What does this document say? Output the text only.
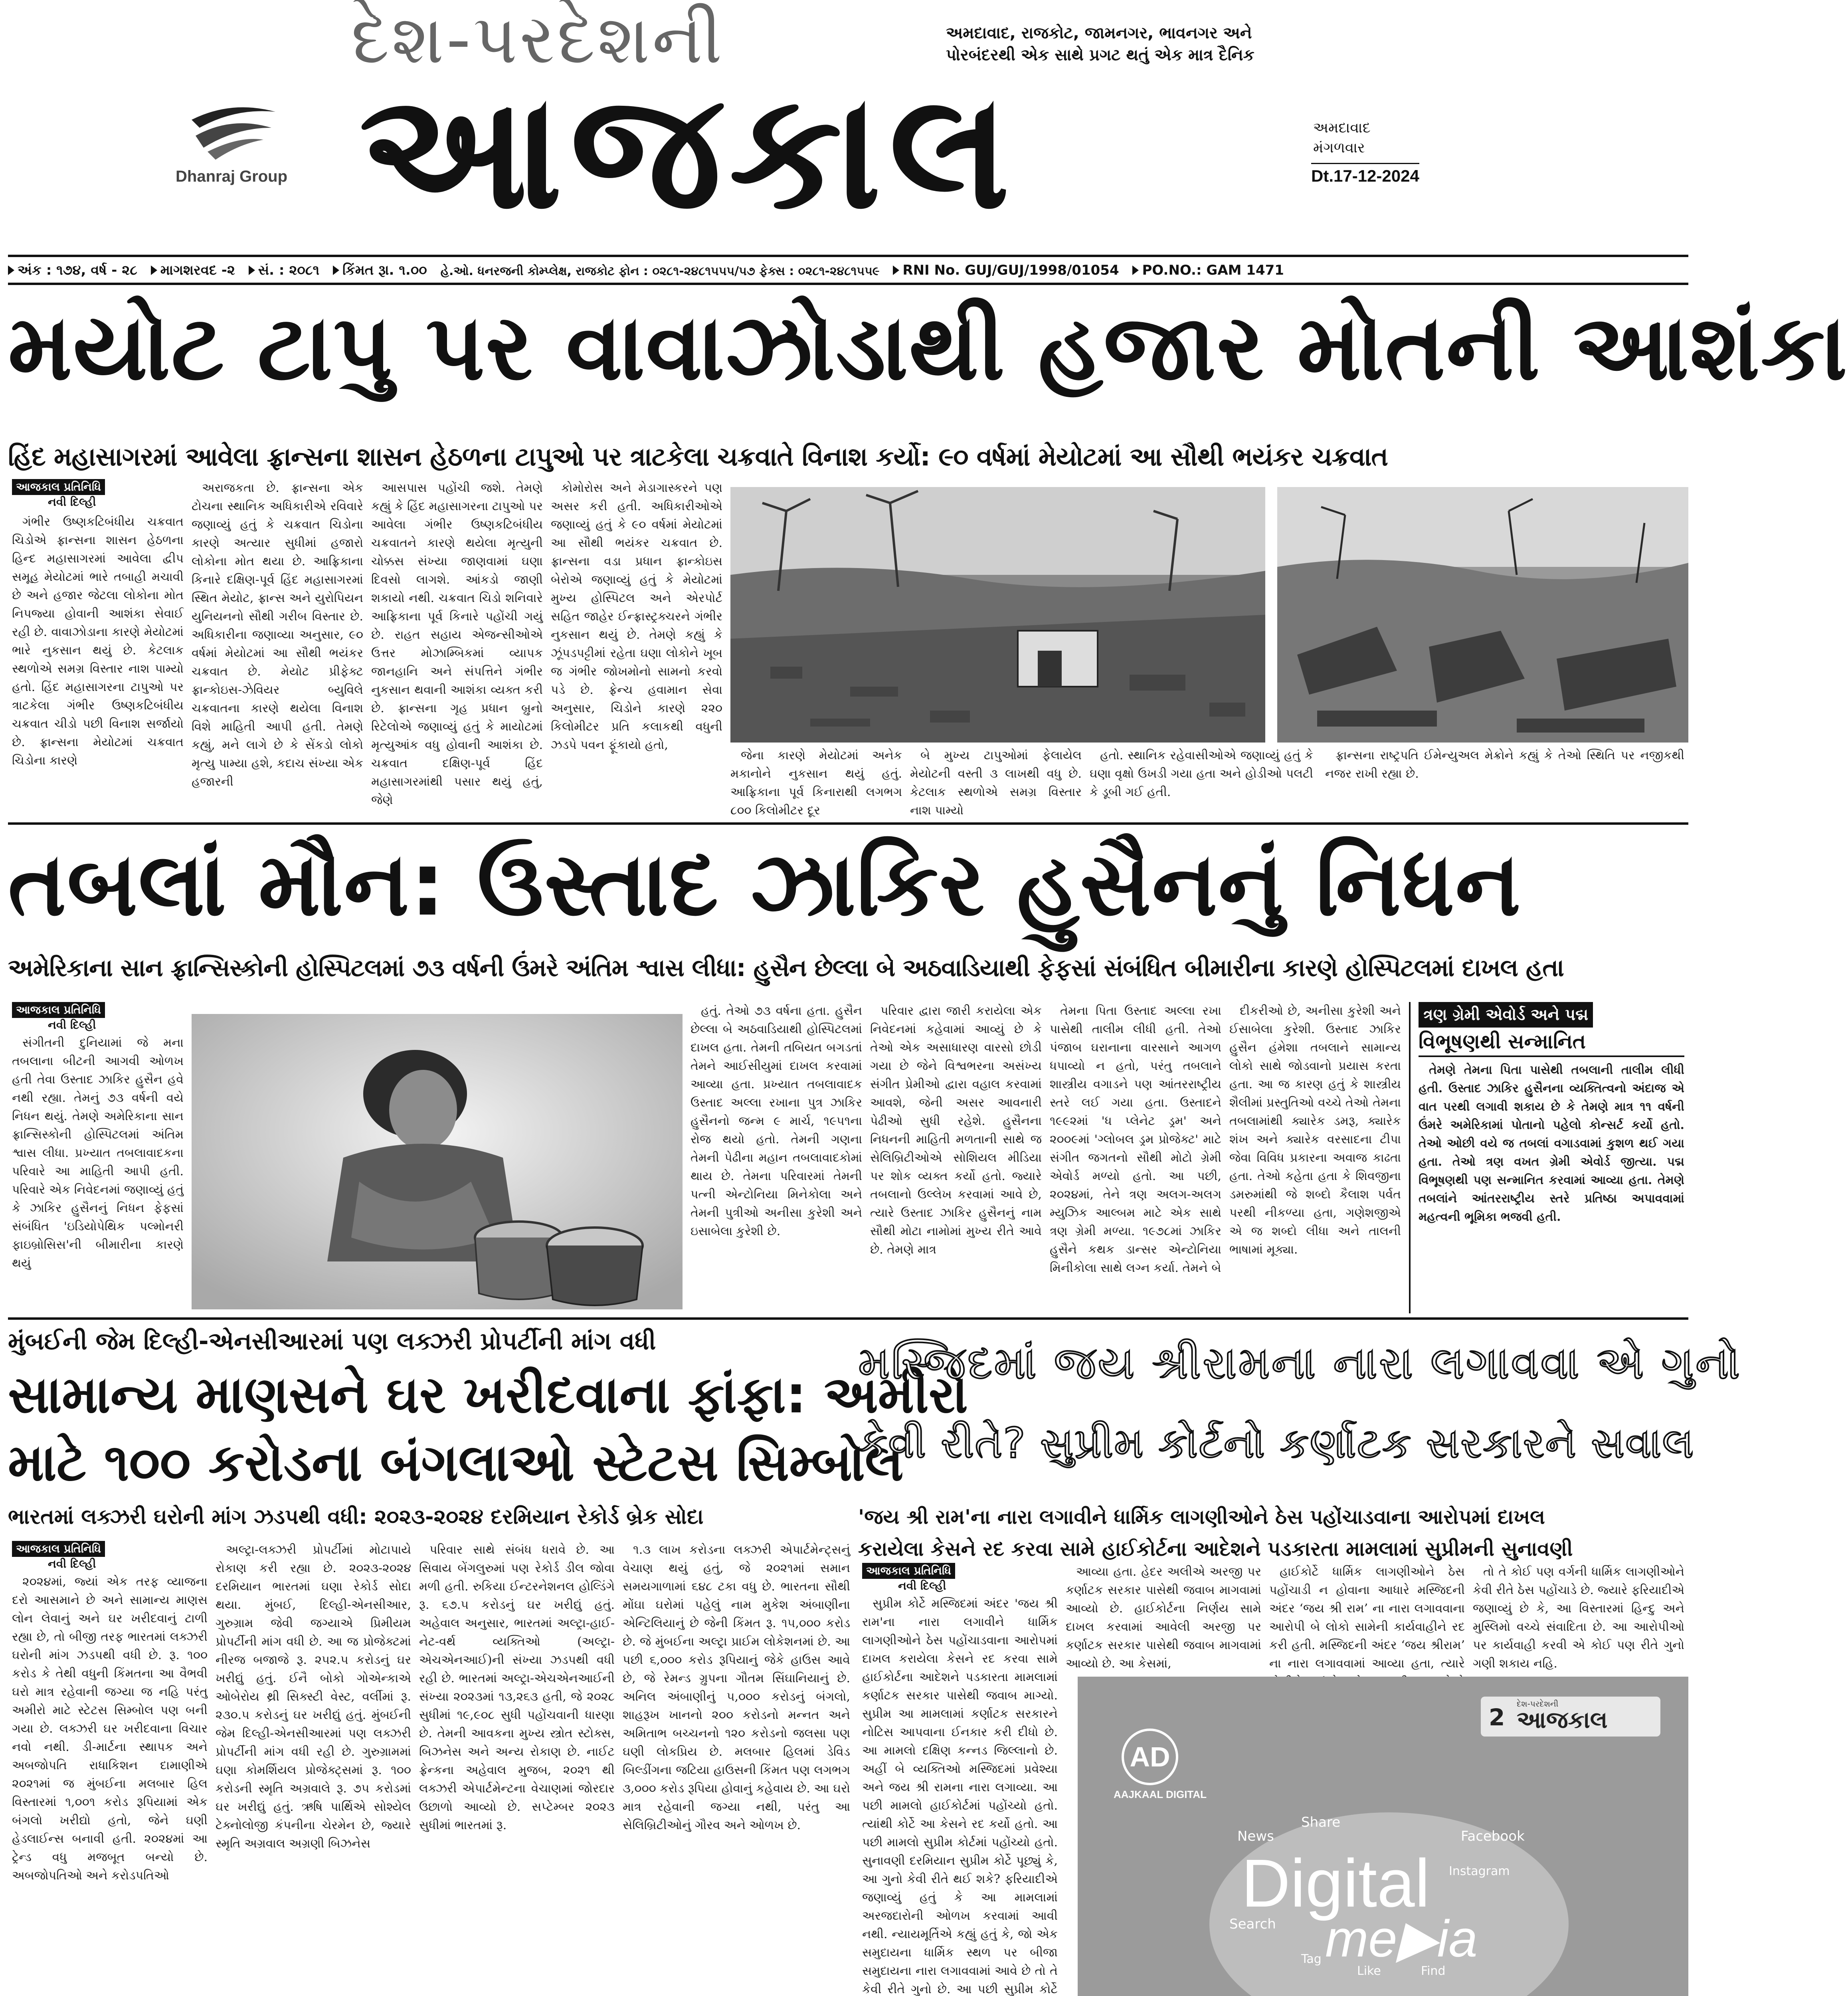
Dhanraj Group
દેશ-પરદેશની
આજકાલ
અમદાવાદ, રાજકોટ, જામનગર, ભાવનગર અને
પોરબંદરથી એક સાથે પ્રગટ થતું એક માત્ર દૈનિક
અમદાવાદ
મંગળવાર
Dt.17-12-2024
અંક : ૧૭૪, વર્ષ - ૨૮
માગશરવદ -૨
સં. : ૨૦૮૧
કિંમત રૂા. ૧.૦૦
હે.ઓ. ધનરજની કોમ્પ્લેક્ષ, રાજકોટ ફોન : ૦૨૮૧-૨૪૮૧૫૫૫/૫૭ ફેક્સ : ૦૨૮૧-૨૪૮૧૫૫૯
RNI No. GUJ/GUJ/1998/01054
PO.NO.: GAM 1471
મયોટ ટાપુ પર વાવાઝોડાથી હજાર મોતની આશંકા
હિંદ મહાસાગરમાં આવેલા ફ્રાન્સના શાસન હેઠળના ટાપુઓ પર ત્રાટકેલા ચક્રવાતે વિનાશ કર્યો: ૯૦ વર્ષમાં મેયોટમાં આ સૌથી ભયંકર ચક્રવાત
આજકાલ પ્રતિનિધિ
નવી દિલ્હી

ગંભીર ઉષ્ણકટિબંધીય ચક્રવાત ચિડોએ ફ્રાન્સના શાસન હેઠળના હિન્દ મહાસાગરમાં આવેલા દ્વીપ સમૂહ મેયોટમાં ભારે તબાહી મચાવી છે અને હજાર જેટલા લોકોના મોત નિપજ્યા હોવાની આશંકા સેવાઈ રહી છે. વાવાઝોડાના કારણે મેયોટમાં ભારે નુકસાન થયું છે. કેટલાક સ્થળોએ સમગ્ર વિસ્તાર નાશ પામ્યો હતો. હિંદ મહાસાગરના ટાપુઓ પર ત્રાટકેલા ગંભીર ઉષ્ણકટિબંધીય ચક્રવાત ચીડો પછી વિનાશ સર્જાયો છે. ફ્રાન્સના મેયોટમાં ચક્રવાત ચિડોના કારણે

અરાજકતા છે. ફ્રાન્સના એક ટોચના સ્થાનિક અધિકારીએ રવિવારે જણાવ્યું હતું કે ચક્રવાત ચિડોના કારણે અત્યાર સુધીમાં હજારો લોકોના મોત થયા છે. આફ્રિકાના કિનારે દક્ષિણ-પૂર્વ હિંદ મહાસાગરમાં સ્થિત મેયોટ, ફ્રાન્સ અને યુરોપિયન યુનિયનનો સૌથી ગરીબ વિસ્તાર છે. અધિકારીના જણાવ્યા અનુસાર, ૯૦ વર્ષમાં મેયોટમાં આ સૌથી ભયંકર ચક્રવાત છે. મેયોટ પ્રીફેક્ટ ફ્રાન્કોઇસ-ઝેવિયર બ્યુવિલે ચક્રવાતના કારણે થયેલા વિનાશ વિશે માહિતી આપી હતી. તેમણે કહ્યું, મને લાગે છે કે સેંકડો લોકો મૃત્યુ પામ્યા હશે, કદાચ સંખ્યા એક હજારની

આસપાસ પહોંચી જશે. તેમણે કહ્યું કે હિંદ મહાસાગરના ટાપુઓ પર આવેલા ગંભીર ઉષ્ણકટિબંધીય ચક્રવાતને કારણે થયેલા મૃત્યુની ચોક્કસ સંખ્યા જાણવામાં ઘણા દિવસો લાગશે. આંકડો જાણી શકાયો નથી. ચક્રવાત ચિડો શનિવારે આફ્રિકાના પૂર્વ કિનારે પહોંચી ગયું છે. રાહત સહાય એજન્સીઓએ ઉત્તર મોઝામ્બિકમાં વ્યાપક જાનહાનિ અને સંપત્તિને ગંભીર નુકસાન થવાની આશંકા વ્યક્ત કરી છે. ફ્રાન્સના ગૃહ પ્રધાન બ્રુનો રિટેલોએ જણાવ્યું હતું કે માયોટમાં મૃત્યુઆંક વધુ હોવાની આશંકા છે. ચક્રવાત દક્ષિણ-પૂર્વ હિંદ મહાસાગરમાંથી પસાર થયું હતું, જેણે

કોમોરોસ અને મેડાગાસ્કરને પણ અસર કરી હતી. અધિકારીઓએ જણાવ્યું હતું કે ૯૦ વર્ષમાં મેયોટમાં આ સૌથી ભયંકર ચક્રવાત છે. ફ્રાન્સના વડા પ્રધાન ફ્રાન્કોઇસ બેરોએ જણાવ્યું હતું કે મેયોટમાં મુખ્ય હોસ્પિટલ અને એરપોર્ટ સહિત જાહેર ઈન્ફ્રાસ્ટ્રક્ચરને ગંભીર નુકસાન થયું છે. તેમણે કહ્યું કે ઝૂંપડપટ્ટીમાં રહેતા ઘણા લોકોને ખૂબ જ ગંભીર જોખમોનો સામનો કરવો પડે છે. ફ્રેન્ચ હવામાન સેવા અનુસાર, ચિડોને કારણે ૨૨૦ કિલોમીટર પ્રતિ કલાકથી વધુની ઝડપે પવન ફૂંકાયો હતો,

જેના કારણે મેયોટમાં અનેક મકાનોને નુકસાન થયું હતું. આફ્રિકાના પૂર્વ કિનારાથી લગભગ ૮૦૦ કિલોમીટર દૂર

બે મુખ્ય ટાપુઓમાં ફેલાયેલ મેયોટની વસ્તી ૩ લાખથી વધુ છે. કેટલાક સ્થળોએ સમગ્ર વિસ્તાર નાશ પામ્યો

હતો. સ્થાનિક રહેવાસીઓએ જણાવ્યું હતું કે ઘણા વૃક્ષો ઉખડી ગયા હતા અને હોડીઓ પલટી કે ડૂબી ગઈ હતી.

ફ્રાન્સના રાષ્ટ્રપતિ ઈમેન્યુઅલ મેક્રોને કહ્યું કે તેઓ સ્થિતિ પર નજીકથી નજર રાખી રહ્યા છે.

તબલાં મૌન: ઉસ્તાદ ઝાકિર હુસૈનનું નિધન
અમેરિકાના સાન ફ્રાન્સિસ્કોની હોસ્પિટલમાં ૭૩ વર્ષની ઉંમરે અંતિમ શ્વાસ લીધા: હુસૈન છેલ્લા બે અઠવાડિયાથી ફેફસાં સંબંધિત બીમારીના કારણે હોસ્પિટલમાં દાખલ હતા
આજકાલ પ્રતિનિધિ
નવી દિલ્હી

સંગીતની દુનિયામાં જે મના તબલાના બીટની આગવી ઓળખ હતી તેવા ઉસ્તાદ ઝાકિર હુસૈન હવે નથી રહ્યા. તેમનું ૭૩ વર્ષની વયે નિધન થયું. તેમણે અમેરિકાના સાન ફ્રાન્સિસ્કોની હોસ્પિટલમાં અંતિમ શ્વાસ લીધા. પ્રખ્યાત તબલાવાદકના પરિવારે આ માહિતી આપી હતી. પરિવારે એક નિવેદનમાં જણાવ્યું હતું કે ઝાકિર હુસૈનનું નિધન ફેફસાં સંબંધિત 'ઇડિયોપેથિક પલ્મોનરી ફાઇબ્રોસિસ'ની બીમારીના કારણે થયું

હતું. તેઓ ૭૩ વર્ષના હતા. હુસૈન છેલ્લા બે અઠવાડિયાથી હોસ્પિટલમાં દાખલ હતા. તેમની તબિયત બગડતાં તેમને આઈસીયુમાં દાખલ કરવામાં આવ્યા હતા. પ્રખ્યાત તબલાવાદક ઉસ્તાદ અલ્લા રખાના પુત્ર ઝાકિર હુસૈનનો જન્મ ૯ માર્ચ, ૧૯૫૧ના રોજ થયો હતો. તેમની ગણના તેમની પેઢીના મહાન તબલાવાદકોમાં થાય છે. તેમના પરિવારમાં તેમની પત્ની એન્ટોનિયા મિનેકોલા અને તેમની પુત્રીઓ અનીસા કુરેશી અને ઇસાબેલા કુરેશી છે.

પરિવાર દ્વારા જારી કરાયેલા એક નિવેદનમાં કહેવામાં આવ્યું છે કે તેઓ એક અસાધારણ વારસો છોડી ગયા છે જેને વિશ્વભરના અસંખ્ય સંગીત પ્રેમીઓ દ્વારા વહાલ કરવામાં આવશે, જેની અસર આવનારી પેઢીઓ સુધી રહેશે. હુસૈનના નિધનની માહિતી મળતાની સાથે જ સેલિબ્રિટીઓએ સોશિયલ મીડિયા પર શોક વ્યક્ત કર્યો હતો. જ્યારે તબલાનો ઉલ્લેખ કરવામાં આવે છે, ત્યારે ઉસ્તાદ ઝાકિર હુસૈનનું નામ સૌથી મોટા નામોમાં મુખ્ય રીતે આવે છે. તેમણે માત્ર

તેમના પિતા ઉસ્તાદ અલ્લા રખા પાસેથી તાલીમ લીધી હતી. તેઓ પંજાબ ઘરાનાના વારસાને આગળ ધપાવ્યો ન હતો, પરંતુ તબલાને શાસ્ત્રીય વગાડને પણ આંતરરાષ્ટ્રીય સ્તરે લઈ ગયા હતા. ઉસ્તાદને ૧૯૯૨માં 'ધ પ્લેનેટ ડ્રમ' અને ૨૦૦૯માં 'ગ્લોબલ ડ્રમ પ્રોજેક્ટ' માટે સંગીત જગતનો સૌથી મોટો ગ્રેમી એવોર્ડ મળ્યો હતો. આ પછી, ૨૦૨૪માં, તેને ત્રણ અલગ-અલગ મ્યુઝિક આલ્બમ માટે એક સાથે ત્રણ ગ્રેમી મળ્યા. ૧૯૭૮માં ઝાકિર હુસૈને કથક ડાન્સર એન્ટોનિયા મિનીકોલા સાથે લગ્ન કર્યા. તેમને બે

દીકરીઓ છે, અનીસા કુરેશી અને ઈસાબેલા કુરેશી. ઉસ્તાદ ઝાકિર હુસૈન હંમેશા તબલાને સામાન્ય લોકો સાથે જોડવાનો પ્રયાસ કરતા હતા. આ જ કારણ હતું કે શાસ્ત્રીય શૈલીમાં પ્રસ્તુતિઓ વચ્ચે તેઓ તેમના તબલામાંથી ક્યારેક ડમરૂ, ક્યારેક શંખ અને ક્યારેક વરસાદના ટીપા જેવા વિવિધ પ્રકારના અવાજ કાઢતા હતા. તેઓ કહેતા હતા કે શિવજીના ડમરુમાંથી જે શબ્દો કૈલાશ પર્વત પરથી નીકળ્યા હતા, ગણેશજીએ એ જ શબ્દો લીધા અને તાલની ભાષામાં મૂક્યા.

ત્રણ ગ્રેમી એવોર્ડ અને પદ્મ
વિભૂષણથી સન્માનિત

તેમણે તેમના પિતા પાસેથી તબલાની તાલીમ લીધી હતી. ઉસ્તાદ ઝાકિર હુસૈનના વ્યક્તિત્વનો અંદાજ એ વાત પરથી લગાવી શકાય છે કે તેમણે માત્ર ૧૧ વર્ષની ઉંમરે અમેરિકામાં પોતાનો પહેલો કોન્સર્ટ કર્યો હતો. તેઓ ઓછી વયે જ તબલાં વગાડવામાં કુશળ થઈ ગયા હતા. તેઓ ત્રણ વખત ગ્રેમી એવોર્ડ જીત્યા. પદ્મ વિભૂષણથી પણ સન્માનિત કરવામાં આવ્યા હતા. તેમણે તબલાંને આંતરરાષ્ટ્રીય સ્તરે પ્રતિષ્ઠા અપાવવામાં મહત્વની ભૂમિકા ભજવી હતી.

મુંબઈની જેમ દિલ્હી-એનસીઆરમાં પણ લક્ઝરી પ્રોપર્ટીની માંગ વધી
સામાન્ય માણસને ઘર ખરીદવાના ફાંફા: અમીરો
માટે ૧૦૦ કરોડના બંગલાઓ સ્ટેટસ સિમ્બોલ
ભારતમાં લક્ઝરી ઘરોની માંગ ઝડપથી વધી: ૨૦૨૩-૨૦૨૪ દરમિયાન રેકોર્ડ બ્રેક સોદા
આજકાલ પ્રતિનિધિ
નવી દિલ્હી

૨૦૨૪માં, જ્યાં એક તરફ વ્યાજના દરો આસમાને છે અને સામાન્ય માણસ લોન લેવાનું અને ઘર ખરીદવાનું ટાળી રહ્યા છે, તો બીજી તરફ ભારતમાં લક્ઝરી ઘરોની માંગ ઝડપથી વધી છે. રૂ. ૧૦૦ કરોડ કે તેથી વધુની કિંમતના આ વૈભવી ઘરો માત્ર રહેવાની જગ્યા જ નહિ પરંતુ અમીરો માટે સ્ટેટસ સિમ્બોલ પણ બની ગયા છે. લક્ઝરી ઘર ખરીદવાના વિચાર નવો નથી. ડી-માર્ટના સ્થાપક અને અબજોપતિ રાધાકિશન દામાણીએ ૨૦૨૧માં જ મુંબઈના મલબાર હિલ વિસ્તારમાં ૧,૦૦૧ કરોડ રૂપિયામાં એક બંગલો ખરીદ્યો હતો, જેને ઘણી હેડલાઈન્સ બનાવી હતી. ૨૦૨૪માં આ ટ્રેન્ડ વધુ મજબૂત બન્યો છે. અબજોપતિઓ અને કરોડપતિઓ

અલ્ટ્રા-લક્ઝરી પ્રોપર્ટીમાં મોટાપાયે રોકાણ કરી રહ્યા છે. ૨૦૨૩-૨૦૨૪ દરમિયાન ભારતમાં ઘણા રેકોર્ડ સોદા થયા. મુંબઈ, દિલ્હી-એનસીઆર, ગુરુગ્રામ જેવી જગ્યાએ પ્રિમીયમ પ્રોપર્ટીની માંગ વધી છે. આ જ પ્રોજેક્ટમાં નીરજ બજાજે રૂ. ૨૫૨.૫ કરોડનું ઘર ખરીદ્યું હતું. ઈનૈ બોકો ગોએન્કાએ ઓબેરોય થ્રી સિક્સ્ટી વેસ્ટ, વર્લીમાં રૂ. ૨૩૦.૫ કરોડનું ઘર ખરીદ્યું હતું. મુંબઈની જેમ દિલ્હી-એનસીઆરમાં પણ લક્ઝરી પ્રોપર્ટીની માંગ વધી રહી છે. ગુરુગ્રામમાં ઘણા કોમર્શિયલ પ્રોજેક્ટ્સમાં રૂ. ૧૦૦ કરોડની સ્મૃતિ અગ્રવાલે રૂ. ૭૫ કરોડમાં ઘર ખરીદ્યું હતું. ઋષિ પાર્થિએ સોશ્યેલ ટેક્નોલોજી કંપનીના ચેરમેન છે, જ્યારે સ્મૃતિ અગ્રવાલ અગ્રણી બિઝનેસ

પરિવાર સાથે સંબંધ ધરાવે છે. આ સિવાય બેંગલુરુમાં પણ રેકોર્ડ ડીલ જોવા મળી હતી. રુકિયા ઈન્ટરનેશનલ હોલ્ડિંગે રૂ. ૬૭.૫ કરોડનું ઘર ખરીદ્યું હતું. અહેવાલ અનુસાર, ભારતમાં અલ્ટ્રા-હાઈ-નેટ-વર્થ વ્યક્તિઓ (અલ્ટ્રા-એચએનઆઈ)ની સંખ્યા ઝડપથી વધી રહી છે. ભારતમાં અલ્ટ્રા-એચએનઆઈની સંખ્યા ૨૦૨૩માં ૧૩,૨૬૩ હતી, જે ૨૦૨૮ સુધીમાં ૧૯,૯૦૮ સુધી પહોંચવાની ધારણા છે. તેમની આવકના મુખ્ય સ્ત્રોત સ્ટોક્સ, બિઝનેસ અને અન્ય રોકાણ છે. નાઈટ ફ્રેન્કના અહેવાલ મુજબ, ૨૦૨૧ થી લક્ઝરી એપાર્ટમેન્ટના વેચાણમાં જોરદાર ઉછાળો આવ્યો છે. સપ્ટેમ્બર ૨૦૨૩ સુધીમાં ભારતમાં રૂ.

૧.૩ લાખ કરોડના લક્ઝરી એપાર્ટમેન્ટ્સનું વેચાણ થયું હતું, જે ૨૦૨૧માં સમાન સમયગાળામાં ૬૪૮ ટકા વધુ છે. ભારતના સૌથી મોંઘા ઘરોમાં પહેલું નામ મુકેશ અંબાણીના એન્ટિલિયાનું છે જેની કિંમત રૂ. ૧૫,૦૦૦ કરોડ છે. જે મુંબઈના અલ્ટ્રા પ્રાઈમ લોકેશનમાં છે. આ પછી ૬,૦૦૦ કરોડ રૂપિયાનું જેકે હાઉસ આવે છે, જે રેમન્ડ ગ્રુપના ગૌતમ સિંઘાનિયાનું છે. અનિલ અંબાણીનું ૫,૦૦૦ કરોડનું બંગલો, શાહરૂખ ખાનનો ૨૦૦ કરોડનો મન્નત અને અમિતાભ બચ્ચનનો ૧૨૦ કરોડનો જલસા પણ ઘણી લોકપ્રિય છે. મલબાર હિલમાં ડેવિડ બિલ્ડીંગના જટિયા હાઉસની કિંમત પણ લગભગ ૩,૦૦૦ કરોડ રૂપિયા હોવાનું કહેવાય છે. આ ઘરો માત્ર રહેવાની જગ્યા નથી, પરંતુ આ સેલિબ્રિટીઓનું ગૌરવ અને ઓળખ છે.

મસ્જિદમાં જય શ્રીરામના નારા લગાવવા એ ગુનો
કેવી રીતે? સુપ્રીમ કોર્ટનો કર્ણાટક સરકારને સવાલ
'જય શ્રી રામ'ના નારા લગાવીને ધાર્મિક લાગણીઓને ઠેસ પહોંચાડવાના આરોપમાં દાખલ
કરાયેલા કેસને રદ કરવા સામે હાઈકોર્ટના આદેશને પડકારતા મામલામાં સુપ્રીમની સુનાવણી
આજકાલ પ્રતિનિધિ
નવી દિલ્હી

સુપ્રીમ કોર્ટે મસ્જિદમાં અંદર 'જય શ્રી રામ'ના નારા લગાવીને ધાર્મિક લાગણીઓને ઠેસ પહોંચાડવાના આરોપમાં દાખલ કરાયેલા કેસને રદ કરવા સામે હાઈકોર્ટના આદેશને પડકારતા મામલામાં કર્ણાટક સરકાર પાસેથી જવાબ માગ્યો. સુપ્રીમ આ મામલામાં કર્ણાટક સરકારને નોટિસ આપવાના ઈનકાર કરી દીધો છે. આ મામલો દક્ષિણ કન્નડ જિલ્લાનો છે. અહીં બે વ્યક્તિઓ મસ્જિદમાં પ્રવેશ્યા અને જય શ્રી રામના નારા લગાવ્યા. આ પછી મામલો હાઈકોર્ટમાં પહોંચ્યો હતો. ત્યાંથી કોર્ટે આ કેસને રદ કર્યો હતો. આ પછી મામલો સુપ્રીમ કોર્ટમાં પહોંચ્યો હતો. સુનાવણી દરમિયાન સુપ્રીમ કોર્ટે પૂછ્યું કે, આ ગુનો કેવી રીતે થઈ શકે? ફરિયાદીએ જણાવ્યું હતું કે આ મામલામાં અરજદારોની ઓળખ કરવામાં આવી નથી. ન્યાયમૂર્તિએ કહ્યું હતું કે, જો એક સમુદાયના ધાર્મિક સ્થળ પર બીજા સમુદાયના નારા લગાવવામાં આવે છે તો તે કેવી રીતે ગુનો છે. આ પછી સુપ્રીમ કોર્ટે

આવ્યા હતા. હેદર અલીએ અરજી પર કર્ણાટક સરકાર પાસેથી જવાબ માગવામાં આવ્યો છે. હાઈકોર્ટના નિર્ણય સામે દાખલ કરવામાં આવેલી અરજી પર કર્ણાટક સરકાર પાસેથી જવાબ માગવામાં આવ્યો છે. આ કેસમાં,

હાઈકોર્ટે ધાર્મિક લાગણીઓને ઠેસ પહોંચાડી ન હોવાના આધારે મસ્જિદની અંદર ‘જય શ્રી રામ’ ના નારા લગાવવાના આરોપી બે લોકો સામેની કાર્યવાહીને રદ કરી હતી. મસ્જિદની અંદર ‘જય શ્રીરામ’ ના નારા લગાવવામાં આવ્યા હતા, ત્યારે

તો તે કોઈ પણ વર્ગની ધાર્મિક લાગણીઓને કેવી રીતે ઠેસ પહોંચાડે છે. જ્યારે ફરિયાદીએ જણાવ્યું છે કે, આ વિસ્તારમાં હિન્દુ અને મુસ્લિમો વચ્ચે સંવાદિતા છે. આ આરોપીઓ પર કાર્યવાહી કરવી એ કોઈ પણ રીતે ગુનો ગણી શકાય નહિ.

દેશ-પરદેશની
આજકાલ
2
AD
AAJKAAL DIGITAL
News
Share
Facebook
Instagram
Search
Tag
Like	Find
Digital
me▶ia
